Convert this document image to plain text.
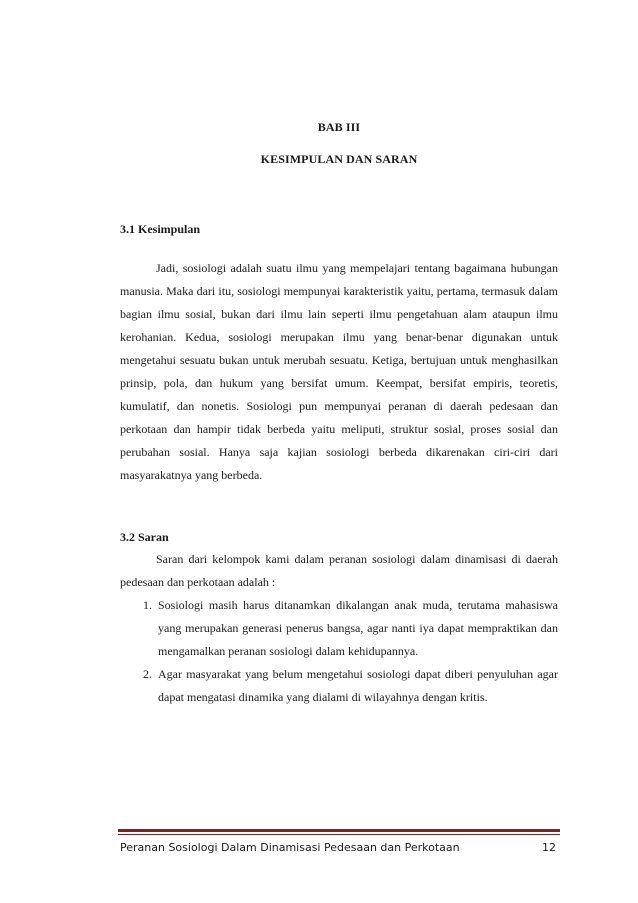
BAB III
KESIMPULAN DAN SARAN
3.1 Kesimpulan

Jadi, sosiologi adalah suatu ilmu yang mempelajari tentang bagaimana hubungan manusia. Maka dari itu, sosiologi mempunyai karakteristik yaitu, pertama, termasuk dalam bagian ilmu sosial, bukan dari ilmu lain seperti ilmu pengetahuan alam ataupun ilmu kerohanian. Kedua, sosiologi merupakan ilmu yang benar-benar digunakan untuk mengetahui sesuatu bukan untuk merubah sesuatu. Ketiga, bertujuan untuk menghasilkan prinsip, pola, dan hukum yang bersifat umum. Keempat, bersifat empiris, teoretis, kumulatif, dan nonetis. Sosiologi pun mempunyai peranan di daerah pedesaan dan perkotaan dan hampir tidak berbeda yaitu meliputi, struktur sosial, proses sosial dan perubahan sosial. Hanya saja kajian sosiologi berbeda dikarenakan ciri-ciri dari masyarakatnya yang berbeda.

3.2 Saran

Saran dari kelompok kami dalam peranan sosiologi dalam dinamisasi di daerah pedesaan dan perkotaan adalah :

1. Sosiologi masih harus ditanamkan dikalangan anak muda, terutama mahasiswa yang merupakan generasi penerus bangsa, agar nanti iya dapat mempraktikan dan mengamalkan peranan sosiologi dalam kehidupannya.
2. Agar masyarakat yang belum mengetahui sosiologi dapat diberi penyuluhan agar dapat mengatasi dinamika yang dialami di wilayahnya dengan kritis.
Peranan Sosiologi Dalam Dinamisasi Pedesaan dan Perkotaan	12
